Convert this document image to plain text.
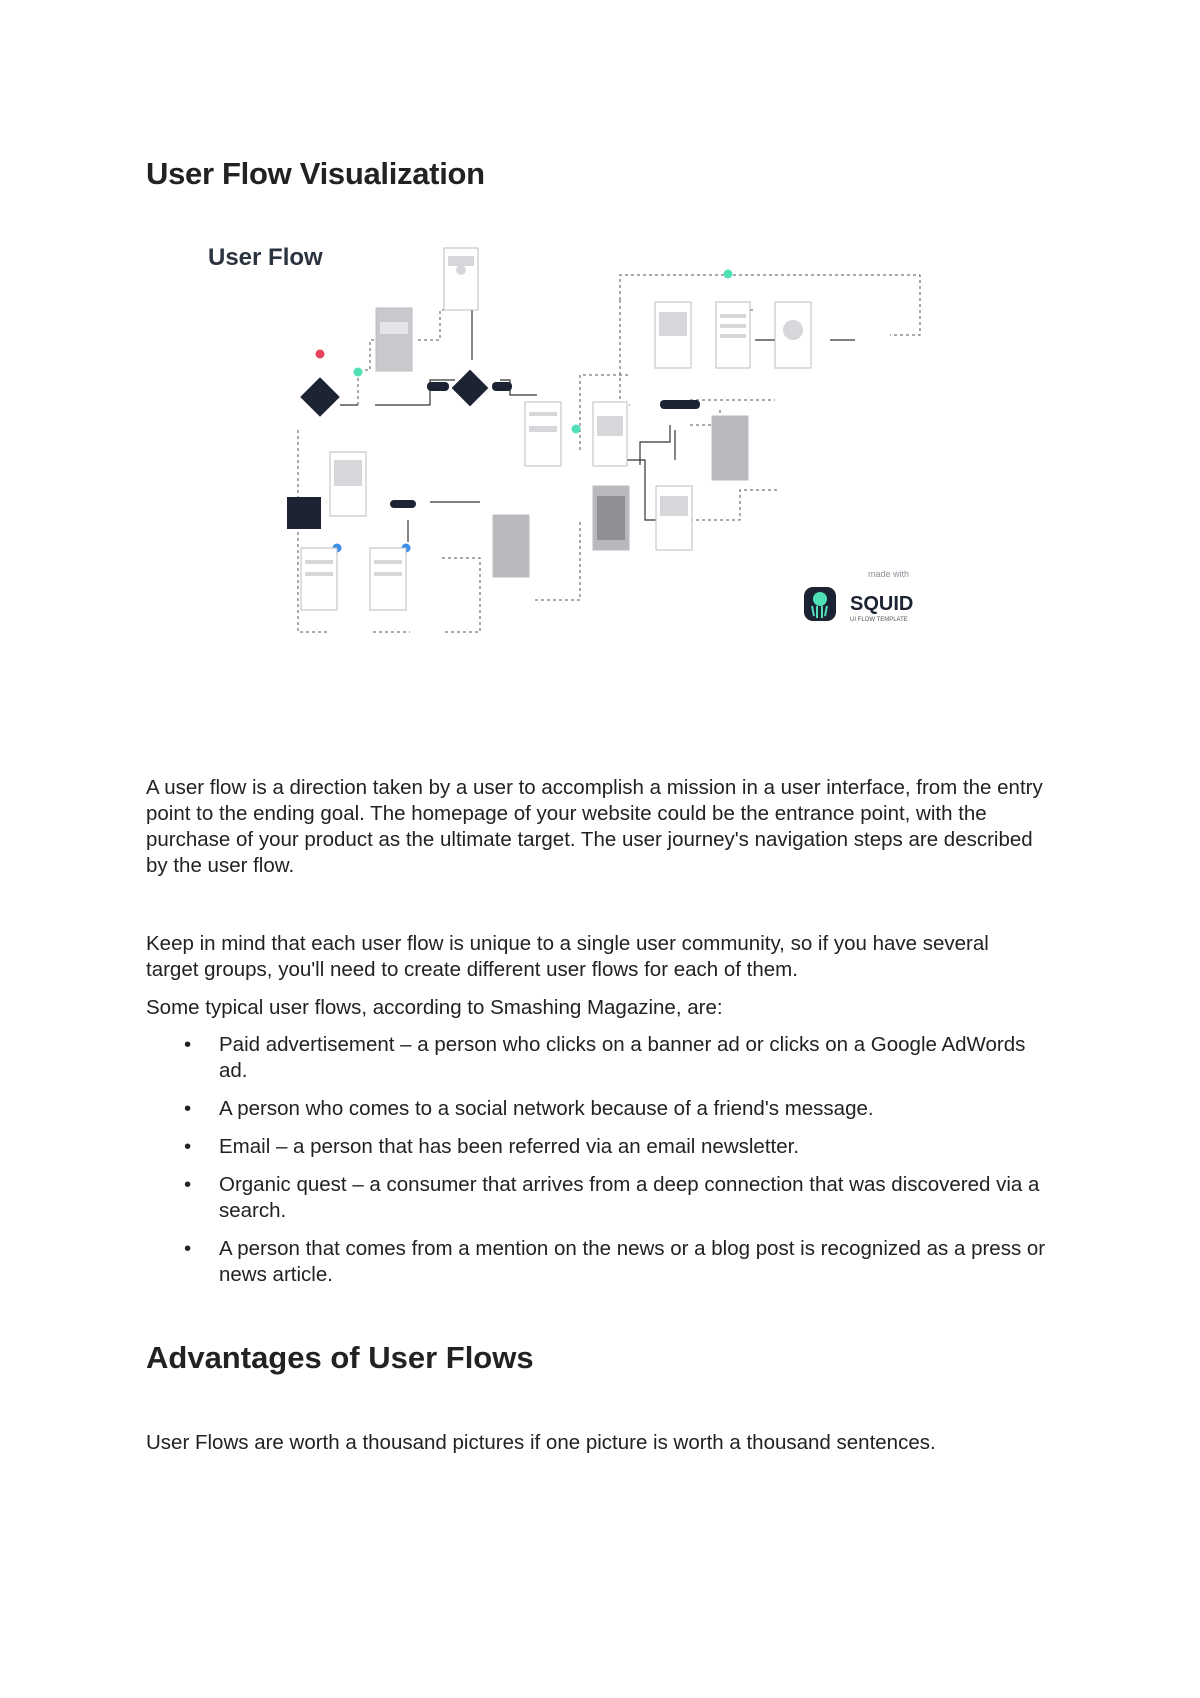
User Flow Visualization
User Flow
made with
SQUID
UI FLOW TEMPLATE

A user flow is a direction taken by a user to accomplish a mission in a user interface, from the entry point to the ending goal. The homepage of your website could be the entrance point, with the purchase of your product as the ultimate target. The user journey's navigation steps are described by the user flow.

Keep in mind that each user flow is unique to a single user community, so if you have several target groups, you'll need to create different user flows for each of them.

Some typical user flows, according to Smashing Magazine, are:

• Paid advertisement – a person who clicks on a banner ad or clicks on a Google AdWords ad.
• A person who comes to a social network because of a friend's message.
• Email – a person that has been referred via an email newsletter.
• Organic quest – a consumer that arrives from a deep connection that was discovered via a search.
• A person that comes from a mention on the news or a blog post is recognized as a press or news article.
Advantages of User Flows

User Flows are worth a thousand pictures if one picture is worth a thousand sentences.
